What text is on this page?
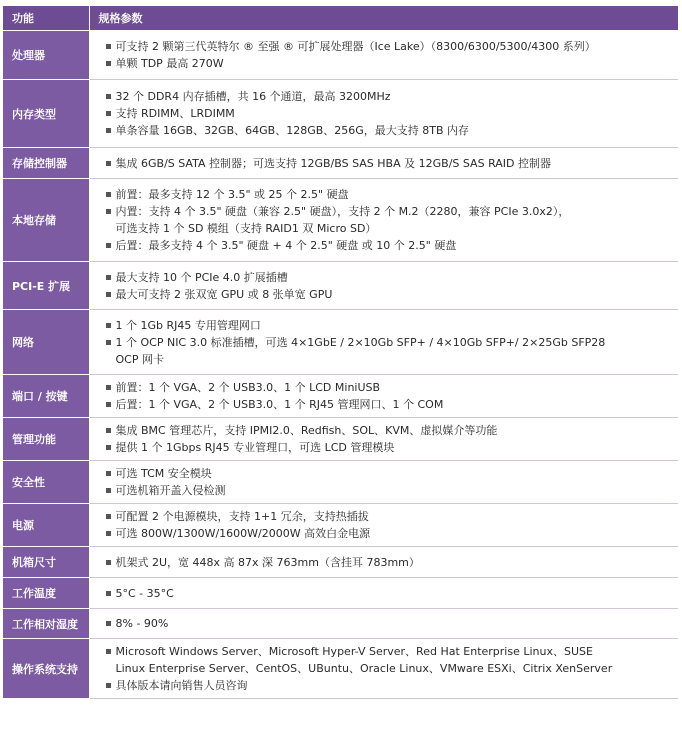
功能	规格参数
处理器	可支持 2 颗第三代英特尔 ® 至强 ® 可扩展处理器（Ice Lake）（8300/6300/5300/4300 系列）
单颗 TDP 最高 270W

内存类型	32 个 DDR4 内存插槽，共 16 个通道，最高 3200MHz
支持 RDIMM、LRDIMM
单条容量 16GB、32GB、64GB、128GB、256G，最大支持 8TB 内存

存储控制器	集成 6GB/S SATA 控制器；可选支持 12GB/BS SAS HBA 及 12GB/S SAS RAID 控制器

本地存储	前置：最多支持 12 个 3.5" 或 25 个 2.5" 硬盘
内置：支持 4 个 3.5" 硬盘（兼容 2.5" 硬盘），支持 2 个 M.2（2280，兼容 PCIe 3.0x2），
可选支持 1 个 SD 模组（支持 RAID1 双 Micro SD）
后置：最多支持 4 个 3.5" 硬盘 + 4 个 2.5" 硬盘 或 10 个 2.5" 硬盘

PCI-E 扩展	最大支持 10 个 PCIe 4.0 扩展插槽
最大可支持 2 张双宽 GPU 或 8 张单宽 GPU

网络	1 个 1Gb RJ45 专用管理网口
1 个 OCP NIC 3.0 标准插槽，可选 4×1GbE / 2×10Gb SFP+ / 4×10Gb SFP+/ 2×25Gb SFP28
OCP 网卡

端口 / 按键	前置：1 个 VGA、2 个 USB3.0、1 个 LCD MiniUSB
后置：1 个 VGA、2 个 USB3.0、1 个 RJ45 管理网口、1 个 COM

管理功能	集成 BMC 管理芯片，支持 IPMI2.0、Redfish、SOL、KVM、虚拟媒介等功能
提供 1 个 1Gbps RJ45 专业管理口，可选 LCD 管理模块

安全性	可选 TCM 安全模块
可选机箱开盖入侵检测

电源	可配置 2 个电源模块，支持 1+1 冗余，支持热插拔
可选 800W/1300W/1600W/2000W 高效白金电源

机箱尺寸	机架式 2U，宽 448x 高 87x 深 763mm（含挂耳 783mm）

工作温度	5°C - 35°C

工作相对湿度	8% - 90%

操作系统支持	Microsoft Windows Server、Microsoft Hyper-V Server、Red Hat Enterprise Linux、SUSE
Linux Enterprise Server、CentOS、UBuntu、Oracle Linux、VMware ESXi、Citrix XenServer
具体版本请向销售人员咨询
